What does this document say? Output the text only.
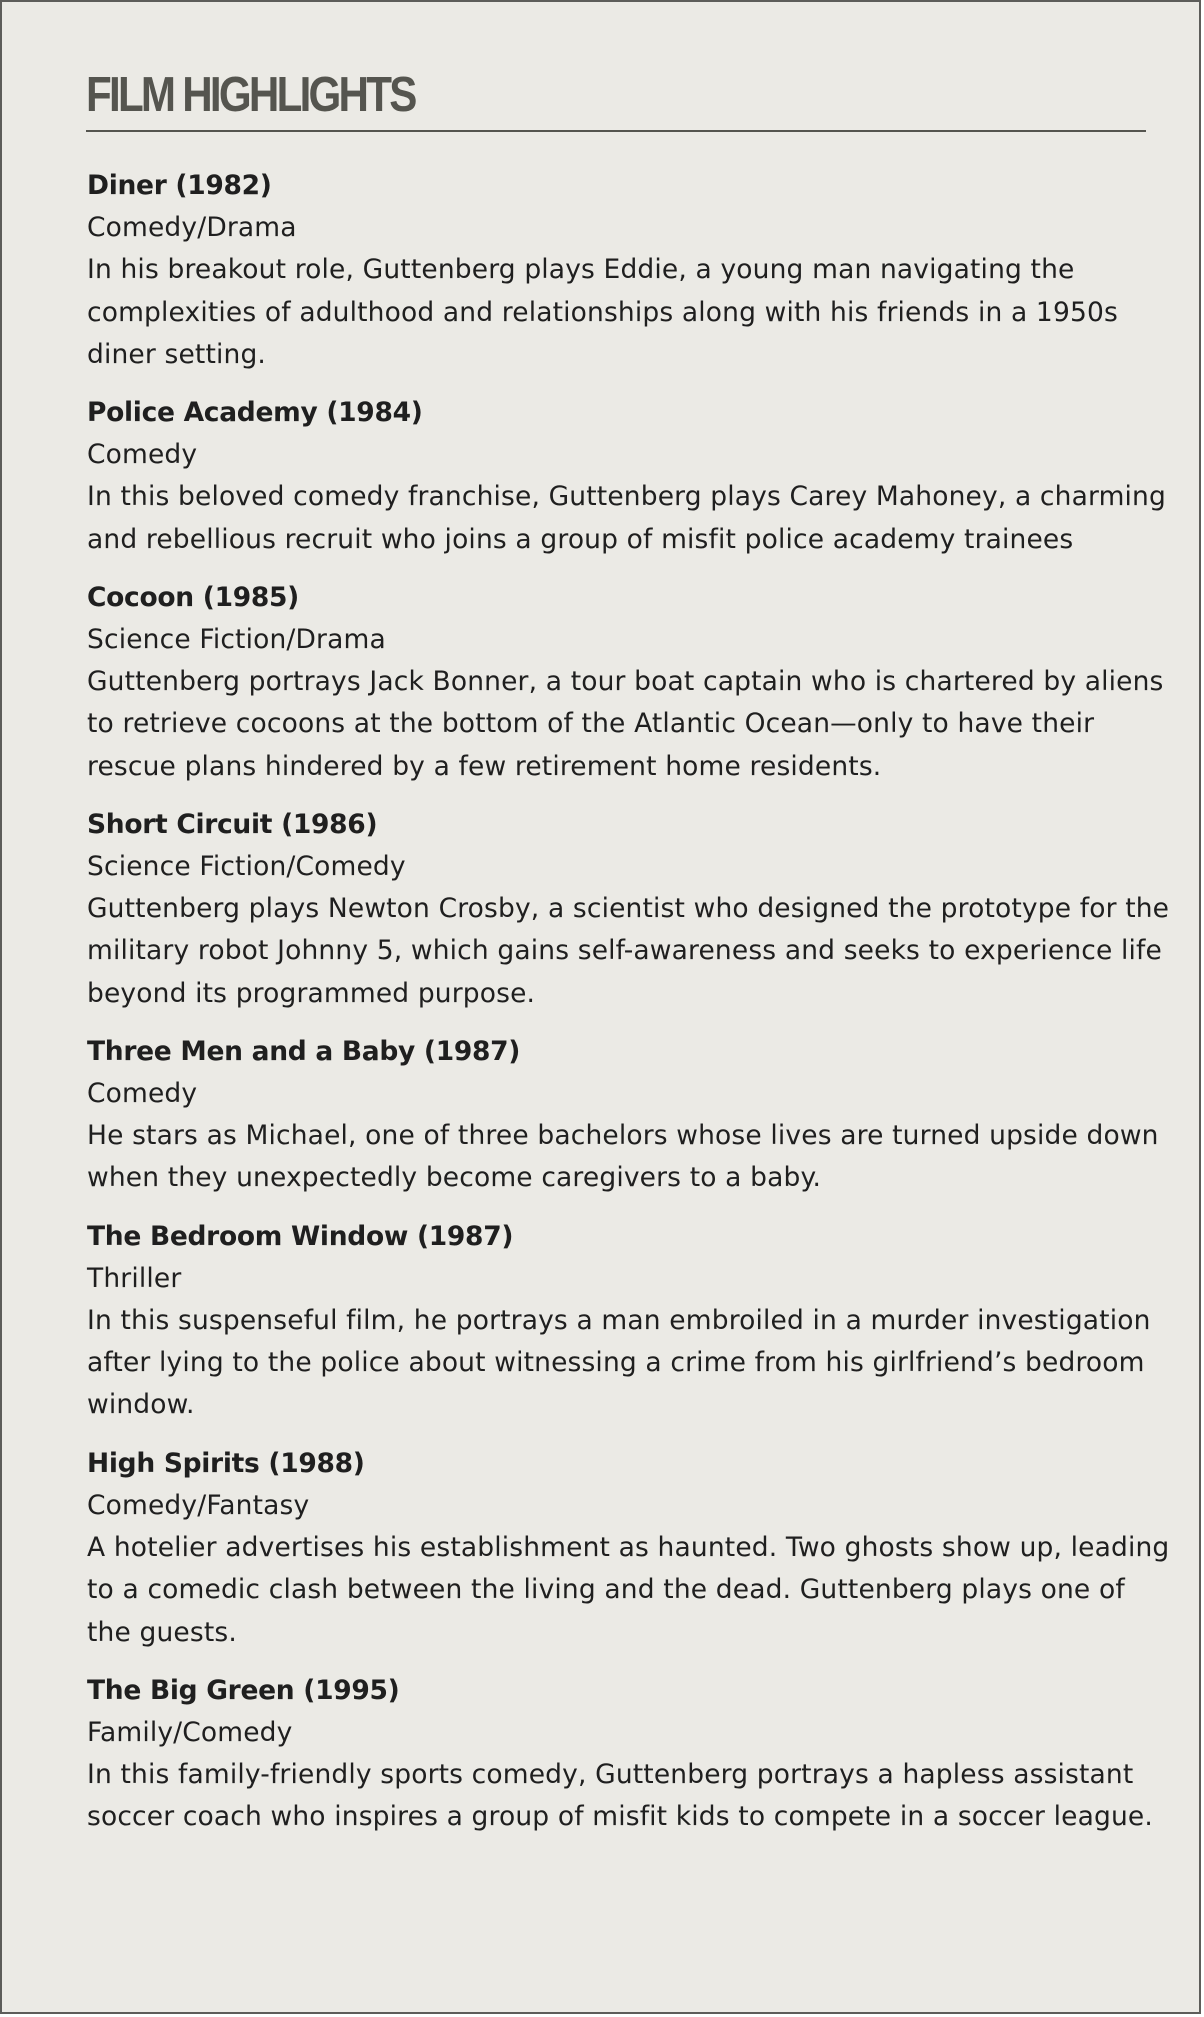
FILM HIGHLIGHTS
Diner (1982)
Comedy/Drama
In his breakout role, Guttenberg plays Eddie, a young man navigating the complexities of adulthood and relationships along with his friends in a 1950s diner setting.
Police Academy (1984)
Comedy
In this beloved comedy franchise, Guttenberg plays Carey Mahoney, a charming and rebellious recruit who joins a group of misfit police academy trainees
Cocoon (1985)
Science Fiction/Drama
Guttenberg portrays Jack Bonner, a tour boat captain who is chartered by aliens to retrieve cocoons at the bottom of the Atlantic Ocean—only to have their rescue plans hindered by a few retirement home residents.
Short Circuit (1986)
Science Fiction/Comedy
Guttenberg plays Newton Crosby, a scientist who designed the prototype for the military robot Johnny 5, which gains self-awareness and seeks to experience life beyond its programmed purpose.
Three Men and a Baby (1987)
Comedy
He stars as Michael, one of three bachelors whose lives are turned upside down when they unexpectedly become caregivers to a baby.
The Bedroom Window (1987)
Thriller
In this suspenseful film, he portrays a man embroiled in a murder investigation after lying to the police about witnessing a crime from his girlfriend’s bedroom window.
High Spirits (1988)
Comedy/Fantasy
A hotelier advertises his establishment as haunted. Two ghosts show up, leading to a comedic clash between the living and the dead. Guttenberg plays one of the guests.
The Big Green (1995)
Family/Comedy
In this family-friendly sports comedy, Guttenberg portrays a hapless assistant soccer coach who inspires a group of misfit kids to compete in a soccer league.
